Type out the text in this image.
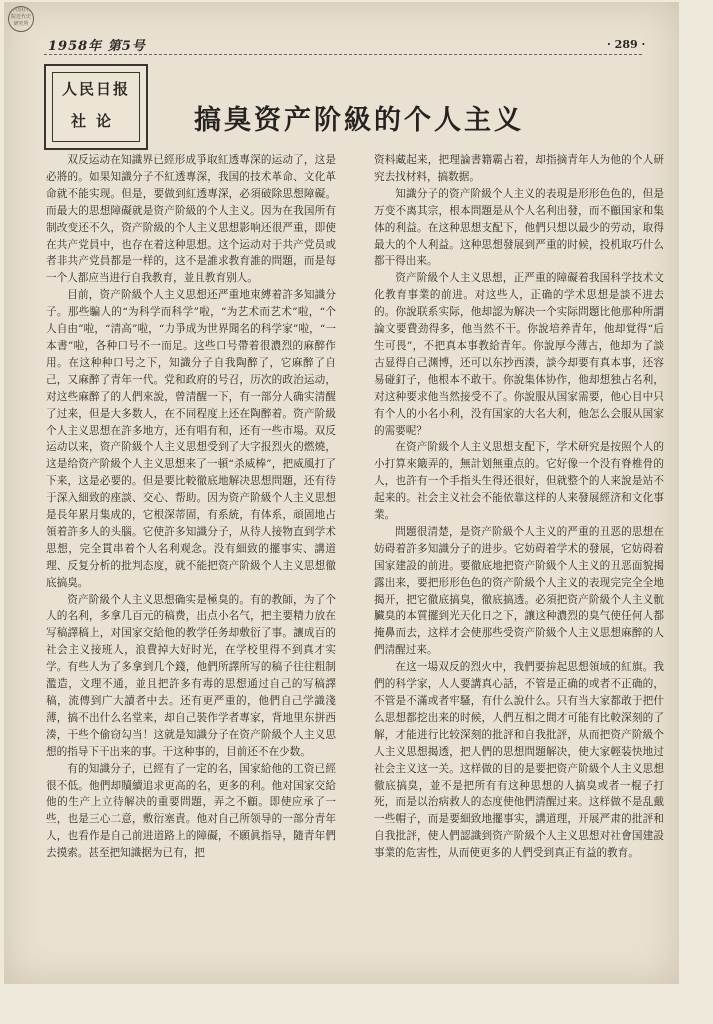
中国社科院近代史研究所
1958年 第5号	· 289 ·
人民日报
社论	搞臭资产阶級的个人主义

双反运动在知識界已經形成爭取紅透專深的运动了，这是必將的。如果知識分子不紅透專深，我国的技术革命、文化革命就不能实现。但是，要做到紅透專深，必須破除思想障礙。而最大的思想障礙就是资产阶級的个人主义。因为在我国所有制改变还不久，资产阶級的个人主义思想影响还很严重，即使在共产党員中，也存在着这种思想。这个运动对于共产党员或者非共产党員都是一样的，这不是誰求教育誰的問題，而是每一个人都应当进行自我教育，並且教育别人。

目前，资产阶級个人主义思想还严重地束縛着許多知識分子。那些騙人的“为科学而科学”啦，“为艺术而艺术”啦，“个人自由”啦，“清高”啦，“力爭成为世界聞名的科学家”啦，“一本書”啦，各种口号不一而足。这些口号帶着很濃烈的麻醉作用。在这种种口号之下，知識分子自我陶醉了，它麻醉了自己，又麻醉了青年一代。党和政府的号召，历次的政治运动，对这些麻醉了的人們來說，曾清醒一下，有一部分人确实清醒了过来，但是大多数人，在不同程度上还在陶醉着。资产阶級个人主义思想在許多地方，还有唱有和，还有一些市場。双反运动以来，资产阶級个人主义思想受到了大字报烈火的燃燒，这是给资产阶級个人主义思想来了一頓“杀威棒”，把威風打了下来，这是必要的。但是要比較徹底地解决思想問題，还有待于深入細致的座談、交心、帮助。因为资产阶級个人主义思想是長年累月集成的，它根深蒂固，有系統，有体系，頑固地占領着許多人的头腦。它使許多知識分子，从待人接物直到学术思想，完全貫串着个人名利观念。没有細致的擺事实、講道理、反复分析的批判态度，就不能把资产阶級个人主义思想徹底搞臭。

资产阶級个人主义思想确实是極臭的。有的教師，为了个人的名利，多拿几百元的稿费，出点小名气，把主要精力放在写稿譯稿上，对国家交給他的教学任务却敷衍了事。讓成百的社会主义接班人，浪費掉大好时光，在学校里得不到真才实学。有些人为了多拿到几个錢，他們所譯所写的稿子往往粗制濫造，文理不通，並且把許多有毒的思想通过自己的写稿譯稿，流傳到广大讀者中去。还有更严重的，他們自己学識淺薄，搞不出什么名堂来，却自己裝作学者專家，背地里东拼西湊，干些个偷窃勾当！这就是知識分子在资产阶級个人主义思想的指导下干出来的事。干这种事的，目前还不在少数。

有的知識分子，已經有了一定的名，国家給他的工资已經很不低。他們却贖續追求更高的名，更多的利。他对国家交給他的生产上立待解决的重要問題，弄之不顧。即使应承了一些，也是三心二意，敷衍塞責。他对自己所领导的一部分青年人，也看作是自己前进道路上的障礙，不願眞指导，隨青年們去摸索。甚至把知識据为已有，把

资料藏起来，把理論書籍霸占着，却指摘青年人为他的个人研究去找材料，搞数据。

知識分子的资产阶級个人主义的表現是形形色色的，但是万变不离其宗，根本問題是从个人名利出發，而不顧国家和集体的利益。在这种思想支配下，他們只想以最少的劳动，取得最大的个人利益。这种思想發展到严重的时候，投机取巧什么都干得出来。

资产阶級个人主义思想，正严重的障礙着我国科学技术文化教育事業的前进。对这些人，正确的学术思想是談不进去的。你說联系实际，他却認为解决一个实际問題比他那种所謂論文要費劲得多，他当然不干。你說培养青年，他却覚得“后生可畏”，不把真本事教給青年。你說厚今薄古，他却为了談古显得自己渊博，还可以东抄西湊，談今却要有真本事，还容易碰釘子，他根本不敢干。你說集体协作，他却想独占名利，对这种要求他当然接受不了。你說服从国家需要，他心目中只有个人的小名小利，没有国家的大名大利，他怎么会服从国家的需要呢？

在资产阶級个人主义思想支配下，学术研究是按照个人的小打算來簸弄的，無計划無重点的。它好像一个没有脊椎骨的人，也許有一个手指头生得还很好，但就整个的人来說是站不起来的。社会主义社会不能依靠这样的人来發展經济和文化事業。

問題很清楚，是资产阶級个人主义的严重的丑恶的思想在妨碍着許多知識分子的进步。它妨碍着学术的發展，它妨碍着国家建設的前进。要徹底地把资产阶級个人主义的丑恶面貌揭露出来，要把形形色色的资产阶級个人主义的表现完完全全地揭开，把它徹底搞臭，徹底搞透。必須把资产阶級个人主义骯臟臭的本質擺到光天化日之下，讓这种濃烈的臭气使任何人都掩鼻而去，这样才会使那些受资产阶級个人主义思想麻醉的人們清醒过来。

在这一場双反的烈火中，我們要拚起思想領域的紅旗。我們的科学家，人人要講真心話，不管是正确的或者不正确的，不管是不滿或者牢騷，有什么說什么。只有当大家都敢于把什么思想都挖出来的时候，人們互相之間才可能有比較深刻的了解，才能进行比较深刻的批評和自我批評，从而把资产阶級个人主义思想揭透，把人們的思想問題解决，使大家輕装快地过社会主义这一关。这样做的目的是要把资产阶級个人主义思想徹底搞臭，並不是把所有有这种思想的人搞臭或者一棍子打死，而是以治病救人的态度使他們清醒过来。这样做不是乱戴一些帽子，而是要細致地擺事实，講道理，开展严肃的批評和自我批評，使人們認識到资产阶級个人主义思想对社會国建設事業的危害性，从而使更多的人們受到真正有益的教育。
